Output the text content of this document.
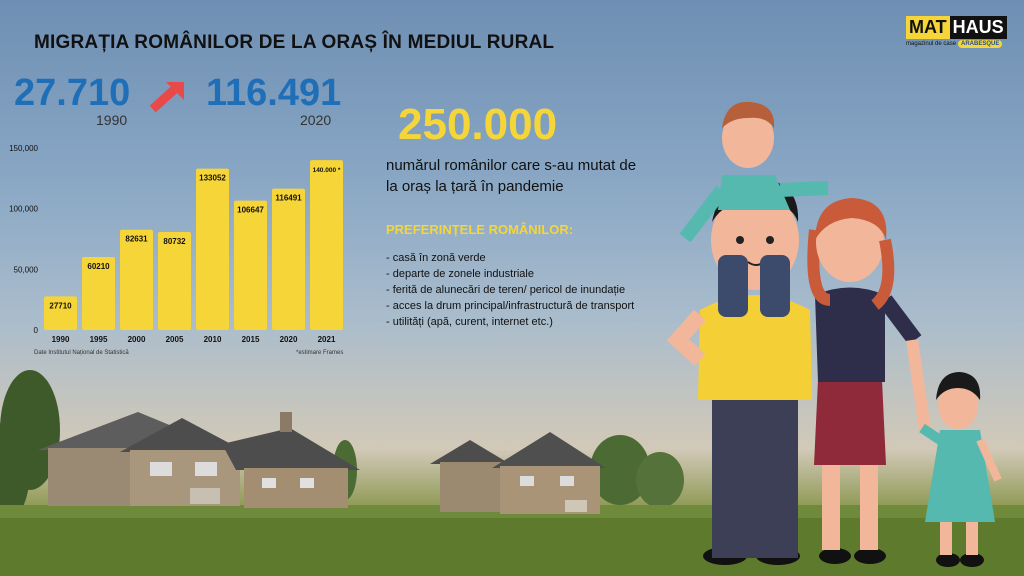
MIGRAȚIA ROMÂNILOR DE LA ORAȘ ÎN MEDIUL RURAL
27.710 116.491
1990	2020
0
50,000
100,000
150,000
27710
1990
60210
1995
82631
2000
80732
2005
133052
2010
106647
2015
116491
2020
140.000 *
2021
Date Institutul Național de Statistică	*estimare Frames
250.000
numărul românilor care s-au mutat de la oraș la țară în pandemie
PREFERINȚELE ROMÂNILOR:
- casă în zonă verde
- departe de zonele industriale
- ferită de alunecări de teren/ pericol de inundație
- acces la drum principal/infrastructură de transport
- utilități (apă, curent, internet etc.)
MAT HAUS
magazinul de case ARABESQUE
